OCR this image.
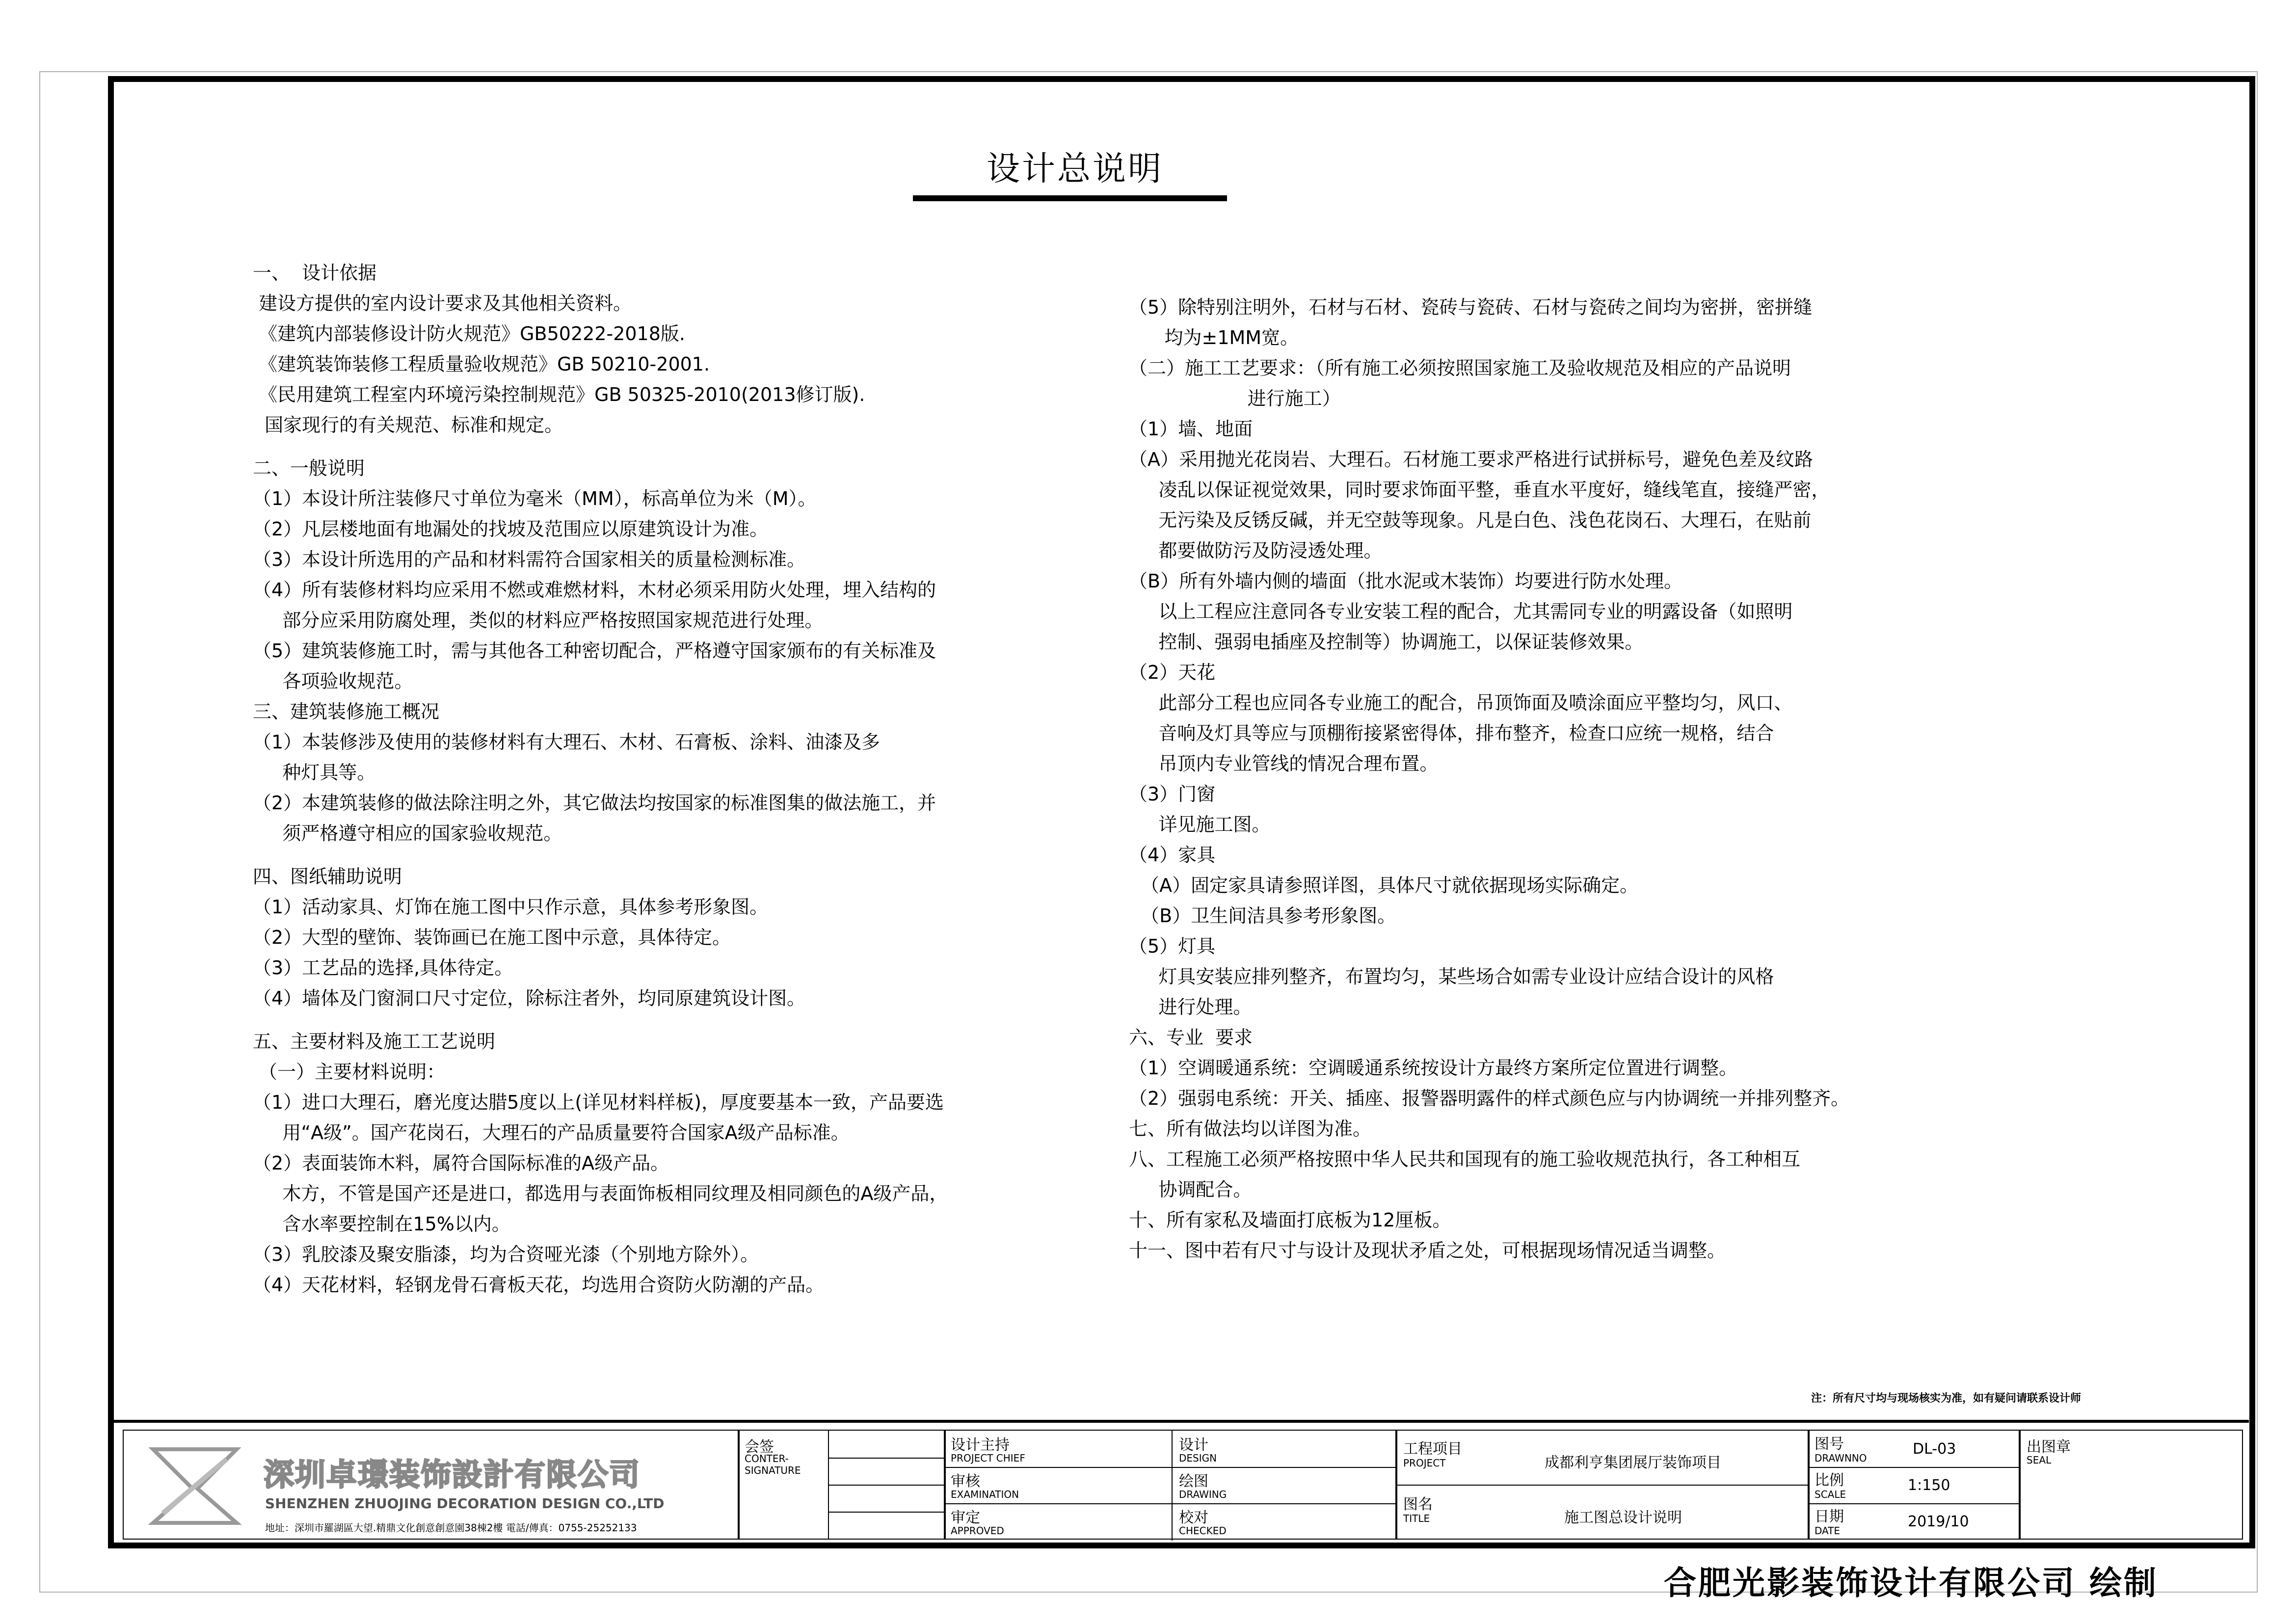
设计总说明
一、  设计依据
建设方提供的室内设计要求及其他相关资料。
《建筑内部装修设计防火规范》GB50222-2018版.
《建筑装饰装修工程质量验收规范》GB 50210-2001.
《民用建筑工程室内环境污染控制规范》GB 50325-2010(2013修订版).
国家现行的有关规范、标准和规定。
二、一般说明
（1）本设计所注装修尺寸单位为毫米（MM），标高单位为米（M）。
（2）凡层楼地面有地漏处的找坡及范围应以原建筑设计为准。
（3）本设计所选用的产品和材料需符合国家相关的质量检测标准。
（4）所有装修材料均应采用不燃或难燃材料，木材必须采用防火处理，埋入结构的
部分应采用防腐处理，类似的材料应严格按照国家规范进行处理。
（5）建筑装修施工时，需与其他各工种密切配合，严格遵守国家颁布的有关标准及
各项验收规范。
三、建筑装修施工概况
（1）本装修涉及使用的装修材料有大理石、木材、石膏板、涂料、油漆及多
种灯具等。
（2）本建筑装修的做法除注明之外，其它做法均按国家的标准图集的做法施工，并
须严格遵守相应的国家验收规范。
四、图纸辅助说明
（1）活动家具、灯饰在施工图中只作示意，具体参考形象图。
（2）大型的壁饰、装饰画已在施工图中示意，具体待定。
（3）工艺品的选择,具体待定。
（4）墙体及门窗洞口尺寸定位，除标注者外，均同原建筑设计图。
五、主要材料及施工工艺说明
（一）主要材料说明：
（1）进口大理石，磨光度达腊5度以上(详见材料样板)，厚度要基本一致，产品要选
用“A级”。国产花岗石，大理石的产品质量要符合国家A级产品标准。
（2）表面装饰木料，属符合国际标准的A级产品。
木方，不管是国产还是进口，都选用与表面饰板相同纹理及相同颜色的A级产品，
含水率要控制在15%以内。
（3）乳胶漆及聚安脂漆，均为合资哑光漆（个别地方除外）。
（4）天花材料，轻钢龙骨石膏板天花，均选用合资防火防潮的产品。
（5）除特别注明外，石材与石材、瓷砖与瓷砖、石材与瓷砖之间均为密拼，密拼缝
均为±1MM宽。
（二）施工工艺要求：（所有施工必须按照国家施工及验收规范及相应的产品说明
进行施工）
（1）墙、地面
（A）采用抛光花岗岩、大理石。石材施工要求严格进行试拼标号，避免色差及纹路
凌乱以保证视觉效果，同时要求饰面平整，垂直水平度好，缝线笔直，接缝严密，
无污染及反锈反碱，并无空鼓等现象。凡是白色、浅色花岗石、大理石，在贴前
都要做防污及防浸透处理。
（B）所有外墙内侧的墙面（批水泥或木装饰）均要进行防水处理。
以上工程应注意同各专业安装工程的配合，尤其需同专业的明露设备（如照明
控制、强弱电插座及控制等）协调施工，以保证装修效果。
（2）天花
此部分工程也应同各专业施工的配合，吊顶饰面及喷涂面应平整均匀，风口、
音响及灯具等应与顶棚衔接紧密得体，排布整齐，检查口应统一规格，结合
吊顶内专业管线的情况合理布置。
（3）门窗
详见施工图。
（4）家具
（A）固定家具请参照详图，具体尺寸就依据现场实际确定。
（B）卫生间洁具参考形象图。
（5）灯具
灯具安装应排列整齐，布置均匀，某些场合如需专业设计应结合设计的风格
进行处理。
六、专业  要求
（1）空调暖通系统：空调暖通系统按设计方最终方案所定位置进行调整。
（2）强弱电系统：开关、插座、报警器明露件的样式颜色应与内协调统一并排列整齐。
七、所有做法均以详图为准。
八、工程施工必须严格按照中华人民共和国现有的施工验收规范执行，各工种相互
协调配合。
十、所有家私及墙面打底板为12厘板。
十一、图中若有尺寸与设计及现状矛盾之处，可根据现场情况适当调整。
注：所有尺寸均与现场核实为准，如有疑问请联系设计师
深圳卓璟装饰設計有限公司
SHENZHEN ZHUOJING DECORATION DESIGN CO.,LTD
地址：深圳市羅湖區大望.精鼎文化創意創意園38棟2樓 電話/傳真：0755-25252133
会签
CONTER-SIGNATURE
设计主持
PROJECT CHIEF
审核
EXAMINATION
审定
APPROVED
设计
DESIGN
绘图
DRAWING
校对
CHECKED
工程项目
PROJECT	成都利亨集团展厅装饰项目
图名
TITLE	施工图总设计说明
图号
DRAWNNO
DL-03
比例
SCALE
1:150
日期
DATE
2019/10
出图章
SEAL
合肥光影装饰设计有限公司 绘制
